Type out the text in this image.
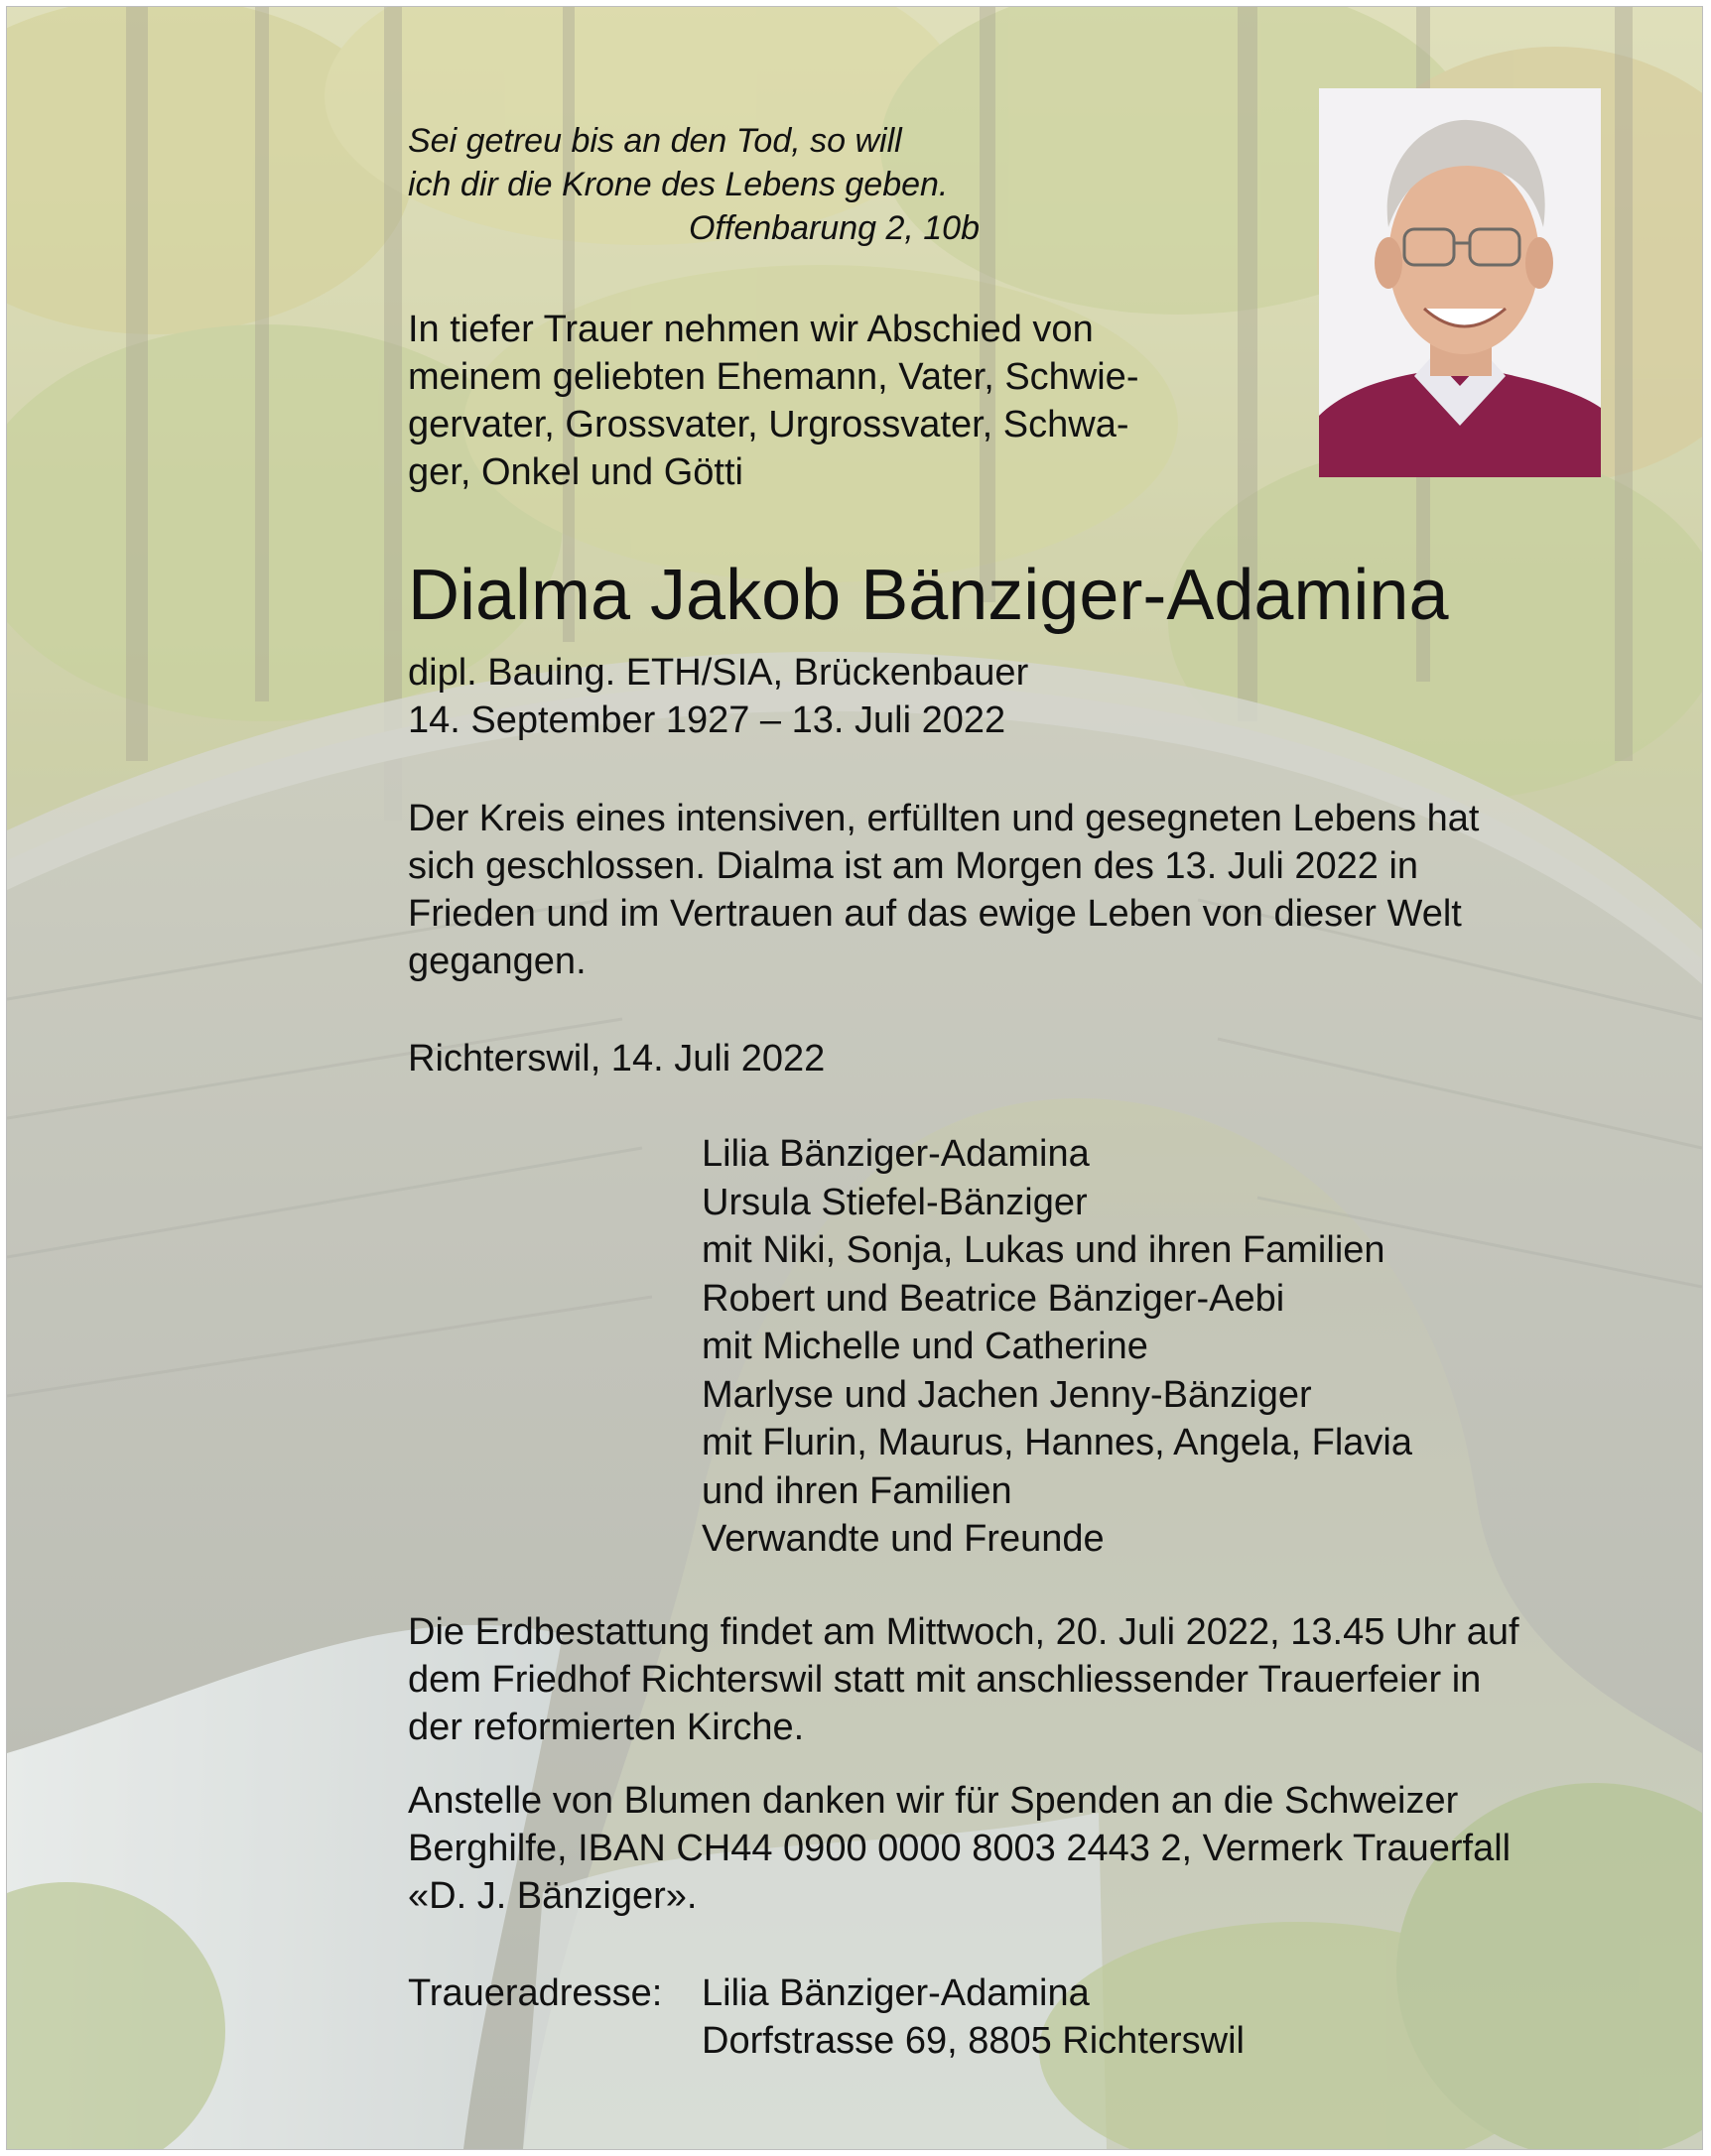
Sei getreu bis an den Tod, so will
ich dir die Krone des Lebens geben.
Offenbarung 2, 10b
In tiefer Trauer nehmen wir Abschied von
meinem geliebten Ehemann, Vater, Schwie-
gervater, Grossvater, Urgrossvater, Schwa-
ger, Onkel und Götti
Dialma Jakob Bänziger-Adamina
dipl. Bauing. ETH/SIA, Brückenbauer
14. September 1927 – 13. Juli 2022
Der Kreis eines intensiven, erfüllten und gesegneten Lebens hat
sich geschlossen. Dialma ist am Morgen des 13. Juli 2022 in
Frieden und im Vertrauen auf das ewige Leben von dieser Welt
gegangen.
Richterswil, 14. Juli 2022
Lilia Bänziger-Adamina
Ursula Stiefel-Bänziger
mit Niki, Sonja, Lukas und ihren Familien
Robert und Beatrice Bänziger-Aebi
mit Michelle und Catherine
Marlyse und Jachen Jenny-Bänziger
mit Flurin, Maurus, Hannes, Angela, Flavia
und ihren Familien
Verwandte und Freunde
Die Erdbestattung findet am Mittwoch, 20. Juli 2022, 13.45 Uhr auf
dem Friedhof Richterswil statt mit anschliessender Trauerfeier in
der reformierten Kirche.
Anstelle von Blumen danken wir für Spenden an die Schweizer
Berghilfe, IBAN CH44 0900 0000 8003 2443 2, Vermerk Trauerfall
«D. J. Bänziger».
Traueradresse:	Lilia Bänziger-Adamina
Dorfstrasse 69, 8805 Richterswil
